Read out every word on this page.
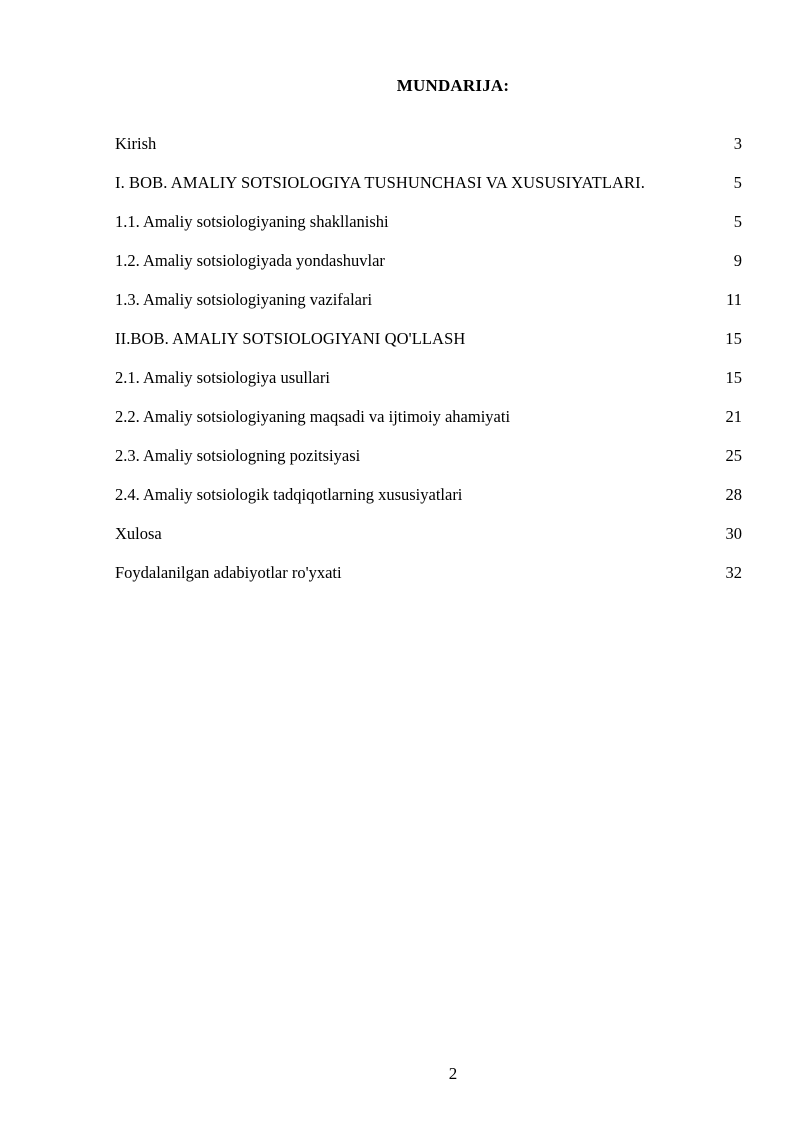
MUNDARIJA:
Kirish	3
I. BOB. AMALIY SOTSIOLOGIYA TUSHUNCHASI VA XUSUSIYATLARI.	5
1.1. Amaliy sotsiologiyaning shakllanishi	5
1.2. Amaliy sotsiologiyada yondashuvlar	9
1.3. Amaliy sotsiologiyaning vazifalari	11
II.BOB. AMALIY SOTSIOLOGIYANI QO'LLASH	15
2.1. Amaliy sotsiologiya usullari	15
2.2. Amaliy sotsiologiyaning maqsadi va ijtimoiy ahamiyati	21
2.3. Amaliy sotsiologning pozitsiyasi	25
2.4. Amaliy sotsiologik tadqiqotlarning xususiyatlari	28
Xulosa	30
Foydalanilgan adabiyotlar ro'yxati	32
2
